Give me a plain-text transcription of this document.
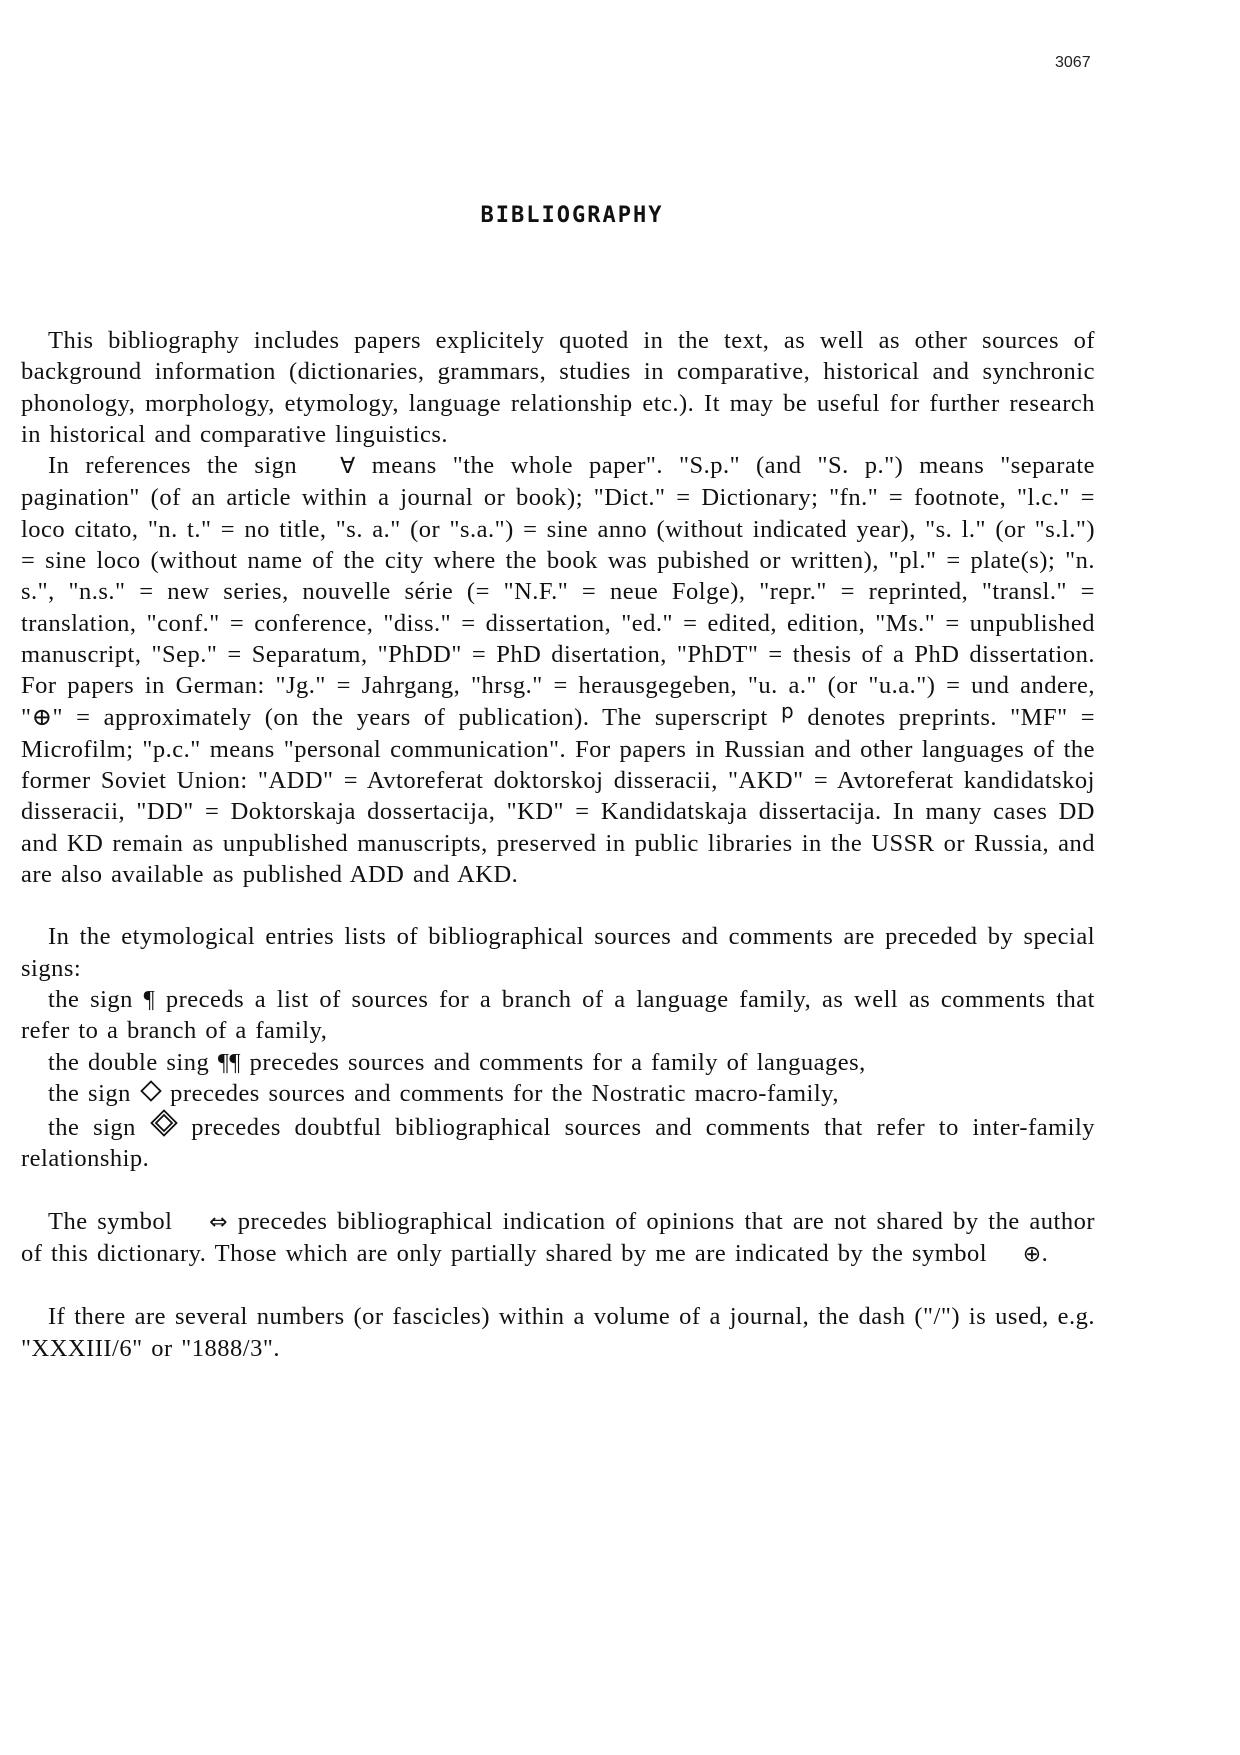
3067
BIBLIOGRAPHY

This bibliography includes papers explicitely quoted in the text, as well as other sources of background information (dictionaries, grammars, studies in comparative, historical and synchronic phonology, morphology, etymology, language relationship etc.). It may be useful for further research in historical and comparative linguistics.

In references the sign ∀ means "the whole paper". "S.p." (and "S. p.") means "separate pagination" (of an article within a journal or book); "Dict." = Dictionary; "fn." = footnote, "l.c." = loco citato, "n. t." = no title, "s. a." (or "s.a.") = sine anno (without indicated year), "s. l." (or "s.l.") = sine loco (without name of the city where the book was pubished or written), "pl." = plate(s); "n. s.", "n.s." = new series, nouvelle série (= "N.F." = neue Folge), "repr." = reprinted, "transl." = translation, "conf." = conference, "diss." = dissertation, "ed." = edited, edition, "Ms." = unpublished manuscript, "Sep." = Separatum, "PhDD" = PhD disertation, "PhDT" = thesis of a PhD dissertation. For papers in German: "Jg." = Jahrgang, "hrsg." = herausgegeben, "u. a." (or "u.a.") = und andere, "⊕" = approximately (on the years of publication). The superscript $^p$ denotes preprints. "MF" = Microfilm; "p.c." means "personal communication". For papers in Russian and other languages of the former Soviet Union: "ADD" = Avtoreferat doktorskoj disseracii, "AKD" = Avtoreferat kandidatskoj disseracii, "DD" = Doktorskaja dossertacija, "KD" = Kandidatskaja dissertacija. In many cases DD and KD remain as unpublished manuscripts, preserved in public libraries in the USSR or Russia, and are also available as published ADD and AKD.

In the etymological entries lists of bibliographical sources and comments are preceded by special signs:

the sign ¶ preceds a list of sources for a branch of a language family, as well as comments that refer to a branch of a family,

the double sing ¶¶ precedes sources and comments for a family of languages,

the sign precedes sources and comments for the Nostratic macro-family,

the sign precedes doubtful bibliographical sources and comments that refer to inter-family relationship.

The symbol ⇔ precedes bibliographical indication of opinions that are not shared by the author of this dictionary. Those which are only partially shared by me are indicated by the symbol ⊕.

If there are several numbers (or fascicles) within a volume of a journal, the dash ("/") is used, e.g. "XXXIII/6" or "1888/3".
